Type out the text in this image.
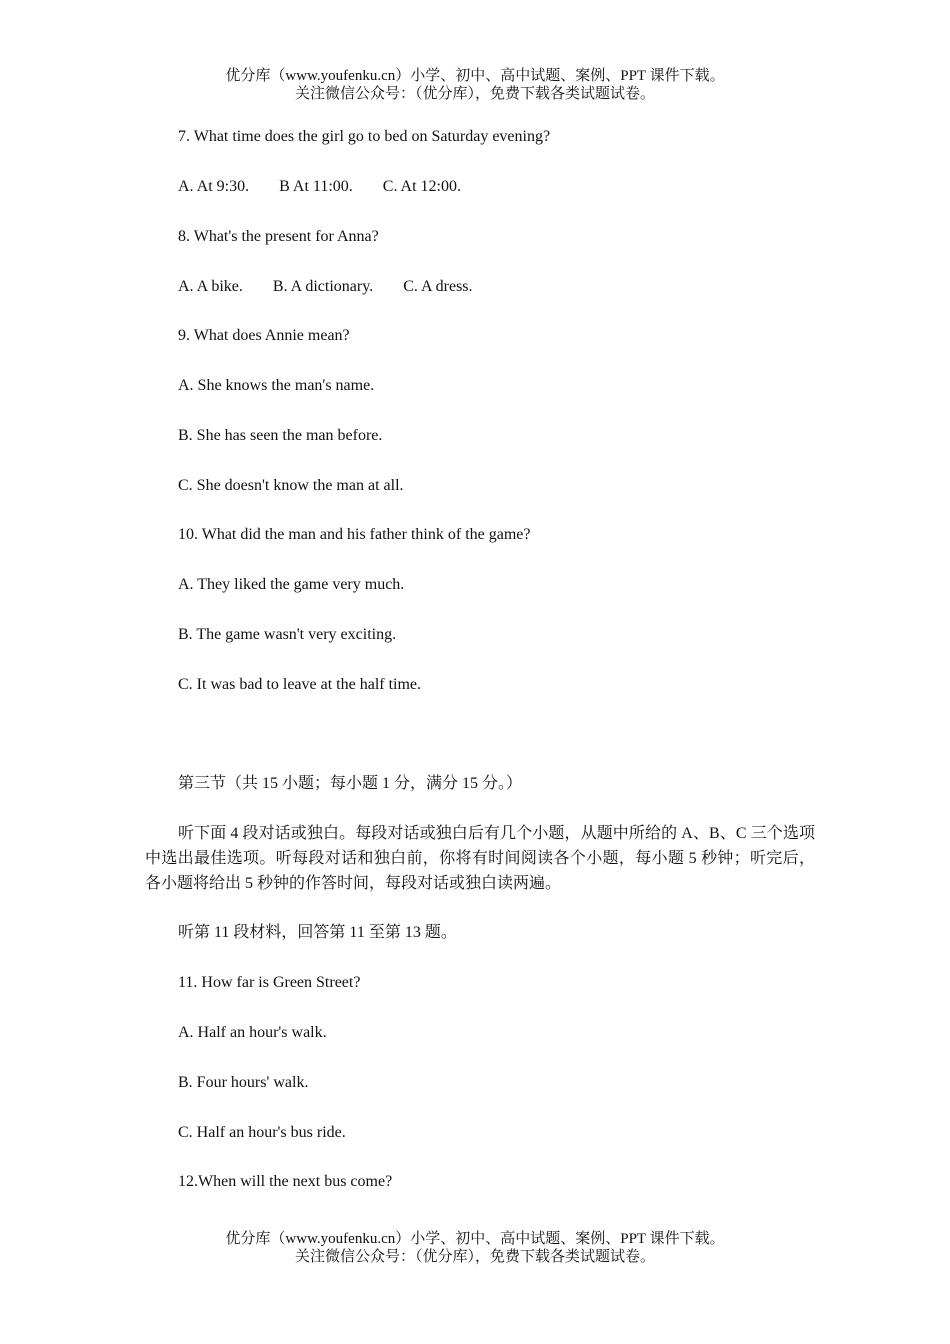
优分库（www.youfenku.cn）小学、初中、高中试题、案例、PPT 课件下载。
关注微信公众号：（优分库），免费下载各类试题试卷。
7. What time does the girl go to bed on Saturday evening?
A. At 9:30. B At 11:00. C. At 12:00.
8. What's the present for Anna?
A. A bike. B. A dictionary. C. A dress.
9. What does Annie mean?
A. She knows the man's name.
B. She has seen the man before.
C. She doesn't know the man at all.
10. What did the man and his father think of the game?
A. They liked the game very much.
B. The game wasn't very exciting.
C. It was bad to leave at the half time.
第三节（共 15 小题；每小题 1 分，满分 15 分。）
听下面 4 段对话或独白。每段对话或独白后有几个小题，从题中所给的 A、B、C 三个选项中选出最佳选项。听每段对话和独白前，你将有时间阅读各个小题，每小题 5 秒钟；听完后，各小题将给出 5 秒钟的作答时间，每段对话或独白读两遍。
听第 11 段材料，回答第 11 至第 13 题。
11. How far is Green Street?
A. Half an hour's walk.
B. Four hours' walk.
C. Half an hour's bus ride.
12.When will the next bus come?
优分库（www.youfenku.cn）小学、初中、高中试题、案例、PPT 课件下载。
关注微信公众号：（优分库），免费下载各类试题试卷。
